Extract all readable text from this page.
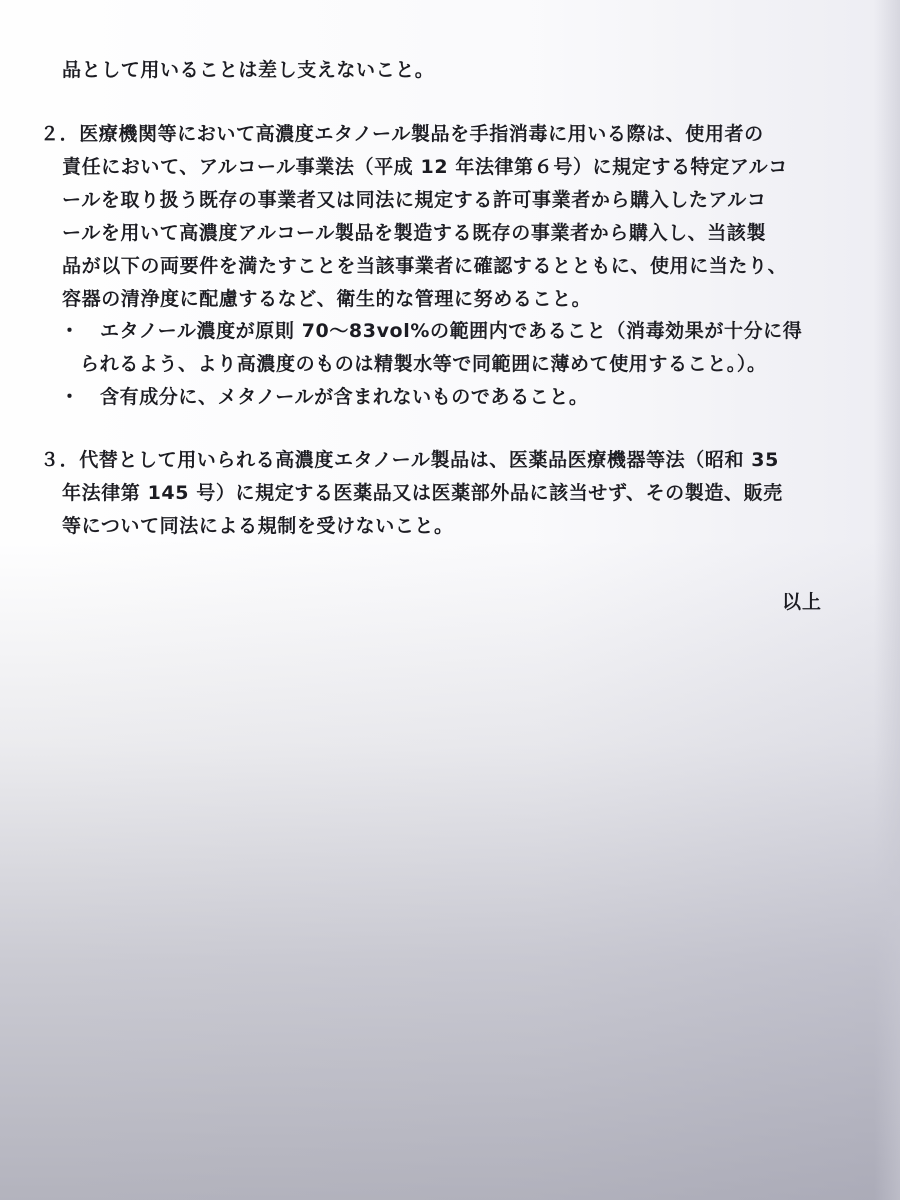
品として用いることは差し支えないこと。
２．医療機関等において高濃度エタノール製品を手指消毒に用いる際は、使用者の
責任において、アルコール事業法（平成 12 年法律第６号）に規定する特定アルコ
ールを取り扱う既存の事業者又は同法に規定する許可事業者から購入したアルコ
ールを用いて高濃度アルコール製品を製造する既存の事業者から購入し、当該製
品が以下の両要件を満たすことを当該事業者に確認するとともに、使用に当たり、
容器の清浄度に配慮するなど、衛生的な管理に努めること。
・ エタノール濃度が原則 70～83vol%の範囲内であること（消毒効果が十分に得
られるよう、より高濃度のものは精製水等で同範囲に薄めて使用すること。）。
・ 含有成分に、メタノールが含まれないものであること。
３．代替として用いられる高濃度エタノール製品は、医薬品医療機器等法（昭和 35
年法律第 145 号）に規定する医薬品又は医薬部外品に該当せず、その製造、販売
等について同法による規制を受けないこと。
以上
